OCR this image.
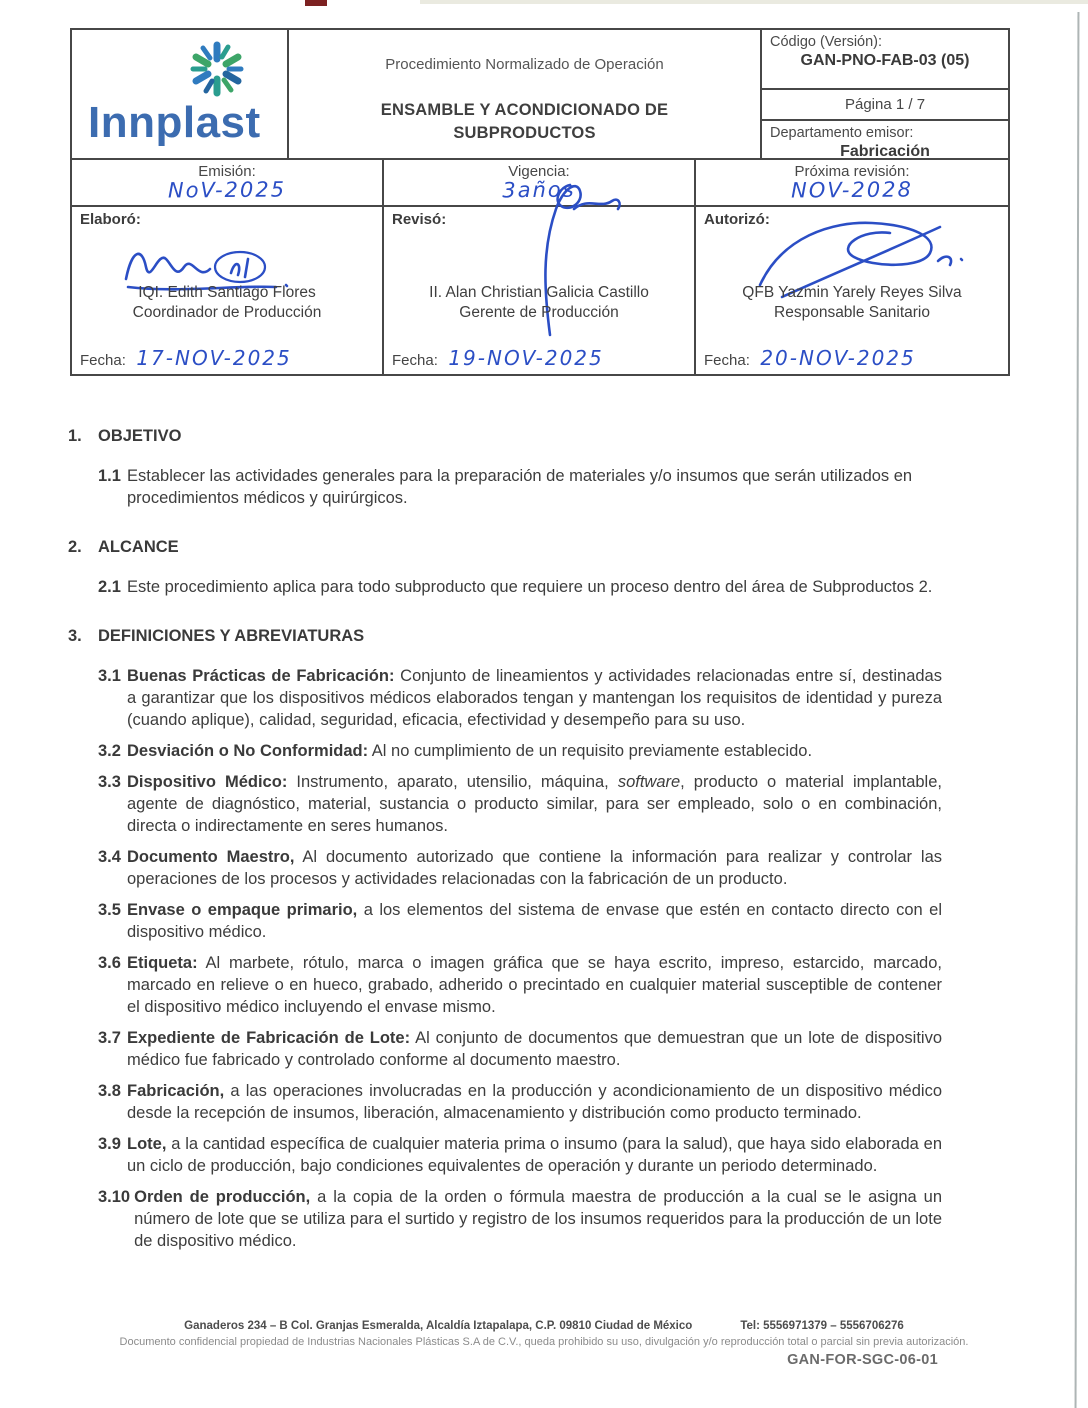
Innplast
Procedimiento Normalizado de Operación
ENSAMBLE Y ACONDICIONADO DE
SUBPRODUCTOS
Código (Versión):
GAN-PNO-FAB-03 (05)
Página 1 / 7
Departamento emisor:
Fabricación
Emisión:
NoV-2025
Vigencia:
3años
Próxima revisión:
NOV-2028
Elaboró:
IQI. Edith Santiago Flores
Coordinador de Producción
Fecha: 17-NOV-2025
Revisó:
II. Alan Christian Galicia Castillo
Gerente de Producción
Fecha: 19-NOV-2025
Autorizó:
QFB Yazmin Yarely Reyes Silva
Responsable Sanitario
Fecha: 20-NOV-2025
1. OBJETIVO
1.1 Establecer las actividades generales para la preparación de materiales y/o insumos que serán utilizados en procedimientos médicos y quirúrgicos.

2. ALCANCE
2.1 Este procedimiento aplica para todo subproducto que requiere un proceso dentro del área de Subproductos 2.

3. DEFINICIONES Y ABREVIATURAS
3.1 Buenas Prácticas de Fabricación: Conjunto de lineamientos y actividades relacionadas entre sí, destinadas a garantizar que los dispositivos médicos elaborados tengan y mantengan los requisitos de identidad y pureza (cuando aplique), calidad, seguridad, eficacia, efectividad y desempeño para su uso.

3.2 Desviación o No Conformidad: Al no cumplimiento de un requisito previamente establecido.

3.3 Dispositivo Médico: Instrumento, aparato, utensilio, máquina, software, producto o material implantable, agente de diagnóstico, material, sustancia o producto similar, para ser empleado, solo o en combinación, directa o indirectamente en seres humanos.

3.4 Documento Maestro, Al documento autorizado que contiene la información para realizar y controlar las operaciones de los procesos y actividades relacionadas con la fabricación de un producto.

3.5 Envase o empaque primario, a los elementos del sistema de envase que estén en contacto directo con el dispositivo médico.

3.6 Etiqueta: Al marbete, rótulo, marca o imagen gráfica que se haya escrito, impreso, estarcido, marcado, marcado en relieve o en hueco, grabado, adherido o precintado en cualquier material susceptible de contener el dispositivo médico incluyendo el envase mismo.

3.7 Expediente de Fabricación de Lote: Al conjunto de documentos que demuestran que un lote de dispositivo médico fue fabricado y controlado conforme al documento maestro.

3.8 Fabricación, a las operaciones involucradas en la producción y acondicionamiento de un dispositivo médico desde la recepción de insumos, liberación, almacenamiento y distribución como producto terminado.

3.9 Lote, a la cantidad específica de cualquier materia prima o insumo (para la salud), que haya sido elaborada en un ciclo de producción, bajo condiciones equivalentes de operación y durante un periodo determinado.

3.10 Orden de producción, a la copia de la orden o fórmula maestra de producción a la cual se le asigna un número de lote que se utiliza para el surtido y registro de los insumos requeridos para la producción de un lote de dispositivo médico.

Ganaderos 234 – B Col. Granjas Esmeralda, Alcaldía Iztapalapa, C.P. 09810 Ciudad de México	Tel: 5556971379 – 5556706276
Documento confidencial propiedad de Industrias Nacionales Plásticas S.A de C.V., queda prohibido su uso, divulgación y/o reproducción total o parcial sin previa autorización.
GAN-FOR-SGC-06-01
